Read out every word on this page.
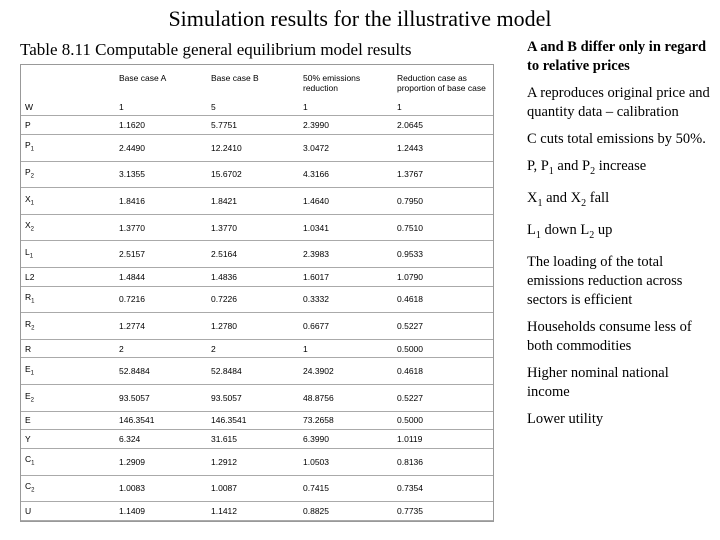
Simulation results for the illustrative model
Table 8.11 Computable general equilibrium model results
	Base case A	Base case B	50% emissions reduction	Reduction case as proportion of base case
W	1	5	1	1
P	1.1620	5.7751	2.3990	2.0645
$P_1$	2.4490	12.2410	3.0472	1.2443
$P_2$	3.1355	15.6702	4.3166	1.3767
$X_1$	1.8416	1.8421	1.4640	0.7950
$X_2$	1.3770	1.3770	1.0341	0.7510
$L_1$	2.5157	2.5164	2.3983	0.9533
L2	1.4844	1.4836	1.6017	1.0790
$R_1$	0.7216	0.7226	0.3332	0.4618
$R_2$	1.2774	1.2780	0.6677	0.5227
R	2	2	1	0.5000
$E_1$	52.8484	52.8484	24.3902	0.4618
$E_2$	93.5057	93.5057	48.8756	0.5227
E	146.3541	146.3541	73.2658	0.5000
Y	6.324	31.615	6.3990	1.0119
$C_1$	1.2909	1.2912	1.0503	0.8136
$C_2$	1.0083	1.0087	0.7415	0.7354
U	1.1409	1.1412	0.8825	0.7735
A and B differ only in regard to relative prices
A reproduces original price and quantity data – calibration
C cuts total emissions by 50%.
P, $P_1$ and $P_2$ increase
$X_1$ and $X_2$ fall
$L_1$ down $L_2$ up
The loading of the total emissions reduction across sectors is efficient
Households consume less of both commodities
Higher nominal national income
Lower utility
